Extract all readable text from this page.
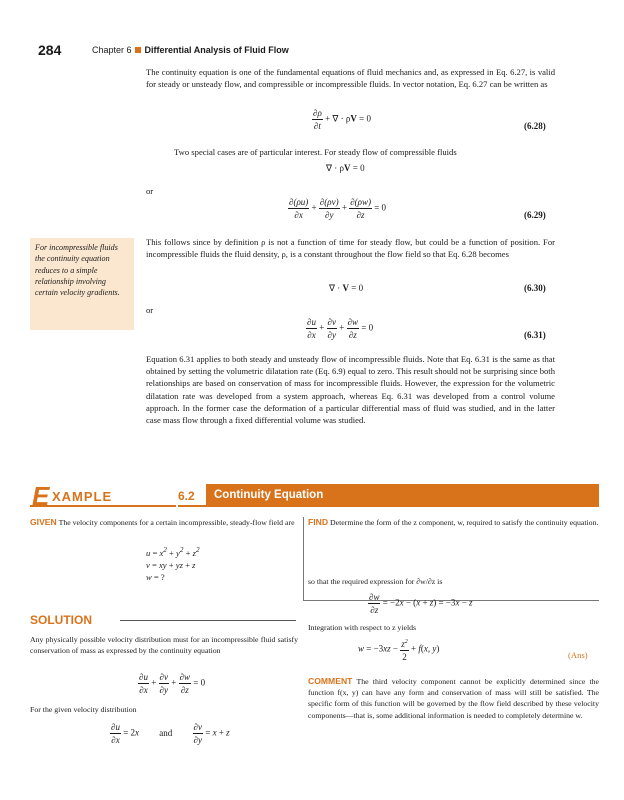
284	Chapter 6 Differential Analysis of Fluid Flow
The continuity equation is one of the fundamental equations of fluid mechanics and, as expressed in Eq. 6.27, is valid for steady or unsteady flow, and compressible or incompressible fluids. In vector notation, Eq. 6.27 can be written as
$\frac{\partial\rho}{\partial t}$ + ∇ · ρV = 0
(6.28)
Two special cases are of particular interest. For steady flow of compressible fluids
∇ · ρV = 0
or
$\frac{\partial(\rho u)}{\partial x} + \frac{\partial(\rho v)}{\partial y} + \frac{\partial(\rho w)}{\partial z} = 0$
(6.29)
For incompressible fluids the continuity equation reduces to a simple relationship involving certain velocity gradients.
This follows since by definition ρ is not a function of time for steady flow, but could be a function of position. For incompressible fluids the fluid density, ρ, is a constant throughout the flow field so that Eq. 6.28 becomes
∇ · V = 0	(6.30)
or
$\frac{\partial u}{\partial x} + \frac{\partial v}{\partial y} + \frac{\partial w}{\partial z} = 0$
(6.31)
Equation 6.31 applies to both steady and unsteady flow of incompressible fluids. Note that Eq. 6.31 is the same as that obtained by setting the volumetric dilatation rate (Eq. 6.9) equal to zero. This result should not be surprising since both relationships are based on conservation of mass for incompressible fluids. However, the expression for the volumetric dilatation rate was developed from a system approach, whereas Eq. 6.31 was developed from a control volume approach. In the former case the deformation of a particular differential mass of fluid was studied, and in the latter case mass flow through a fixed differential volume was studied.
E XAMPLE	6.2	Continuity Equation
GIVEN The velocity components for a certain incompressible, steady-flow field are
$u = x^2 + y^2 + z^2$
v = xy + yz + z
w = ?
FIND Determine the form of the z component, w, required to satisfy the continuity equation.
SOLUTION
Any physically possible velocity distribution must for an incompressible fluid satisfy conservation of mass as expressed by the continuity equation
$\frac{\partial u}{\partial x} + \frac{\partial v}{\partial y} + \frac{\partial w}{\partial z} = 0$
For the given velocity distribution
$\frac{\partial u}{\partial x} = 2x$ and $\frac{\partial v}{\partial y} = x + z$
so that the required expression for ∂w/∂z is
$\frac{\partial w}{\partial z} = -2x - (x + z) = -3x - z$
Integration with respect to z yields
$w = -3xz - \frac{z^2}{2} + f(x$, y)
(Ans)
COMMENT The third velocity component cannot be explicitly determined since the function f(x, y) can have any form and conservation of mass will still be satisfied. The specific form of this function will be governed by the flow field described by these velocity components—that is, some additional information is needed to completely determine w.
